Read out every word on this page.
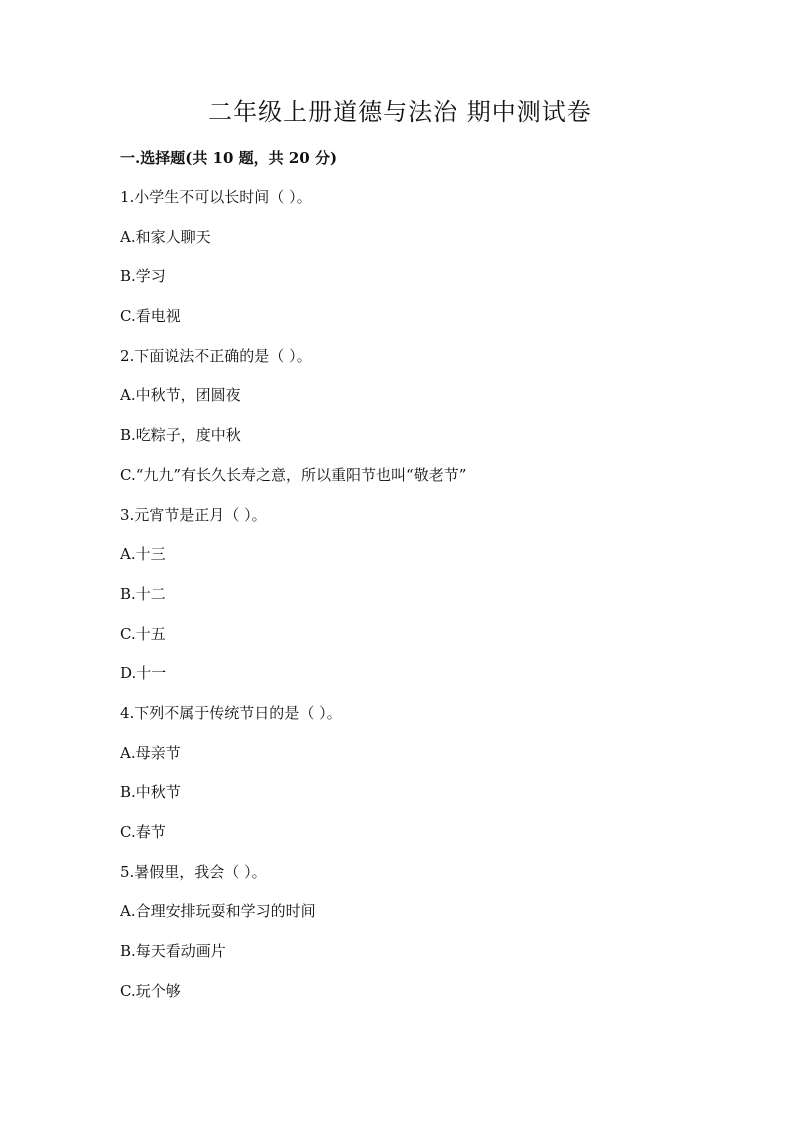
二年级上册道德与法治 期中测试卷
一.选择题(共 10 题，共 20 分)
1.小学生不可以长时间（ ）。
A.和家人聊天
B.学习
C.看电视
2.下面说法不正确的是（ ）。
A.中秋节，团圆夜
B.吃粽子，度中秋
C.“九九”有长久长寿之意，所以重阳节也叫“敬老节”
3.元宵节是正月（ ）。
A.十三
B.十二
C.十五
D.十一
4.下列不属于传统节日的是（ ）。
A.母亲节
B.中秋节
C.春节
5.暑假里，我会（ ）。
A.合理安排玩耍和学习的时间
B.每天看动画片
C.玩个够
